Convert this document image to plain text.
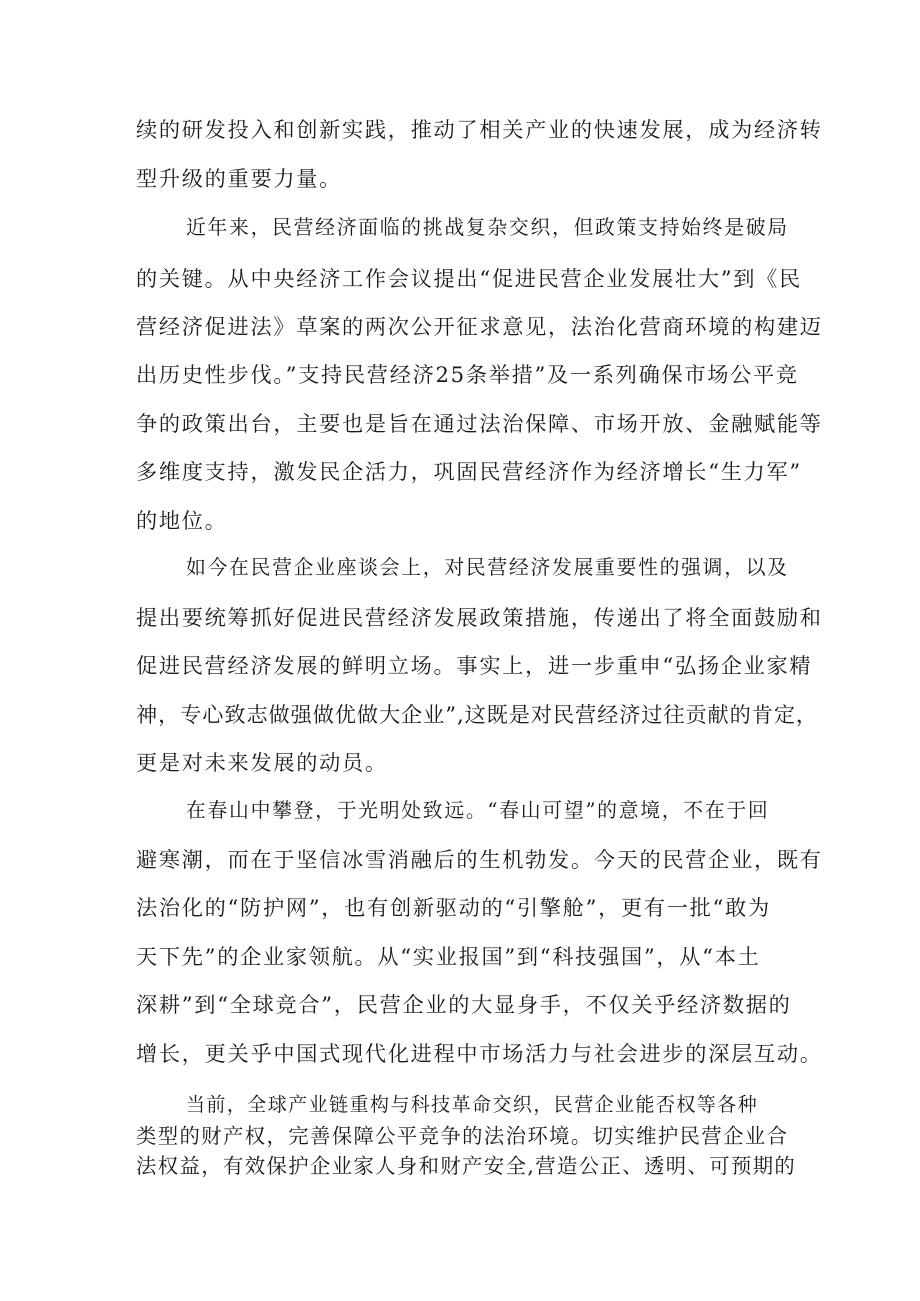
续的研发投入和创新实践，推动了相关产业的快速发展，成为经济转
型升级的重要力量。
近年来，民营经济面临的挑战复杂交织，但政策支持始终是破局
的关键。从中央经济工作会议提出“促进民营企业发展壮大”到《民
营经济促进法》草案的两次公开征求意见，法治化营商环境的构建迈
出历史性步伐。”支持民营经济25条举措”及一系列确保市场公平竞
争的政策出台，主要也是旨在通过法治保障、市场开放、金融赋能等
多维度支持，激发民企活力，巩固民营经济作为经济增长“生力军”
的地位。
如今在民营企业座谈会上，对民营经济发展重要性的强调，以及
提出要统筹抓好促进民营经济发展政策措施，传递出了将全面鼓励和
促进民营经济发展的鲜明立场。事实上，进一步重申“弘扬企业家精
神，专心致志做强做优做大企业”,这既是对民营经济过往贡献的肯定，
更是对未来发展的动员。
在春山中攀登，于光明处致远。“春山可望”的意境，不在于回
避寒潮，而在于坚信冰雪消融后的生机勃发。今天的民营企业，既有
法治化的“防护网”，也有创新驱动的“引擎舱”，更有一批“敢为
天下先”的企业家领航。从“实业报国”到“科技强国”，从“本土
深耕”到“全球竞合”，民营企业的大显身手，不仅关乎经济数据的
增长，更关乎中国式现代化进程中市场活力与社会进步的深层互动。
当前，全球产业链重构与科技革命交织，民营企业能否权等各种
类型的财产权，完善保障公平竞争的法治环境。切实维护民营企业合
法权益，有效保护企业家人身和财产安全,营造公正、透明、可预期的
